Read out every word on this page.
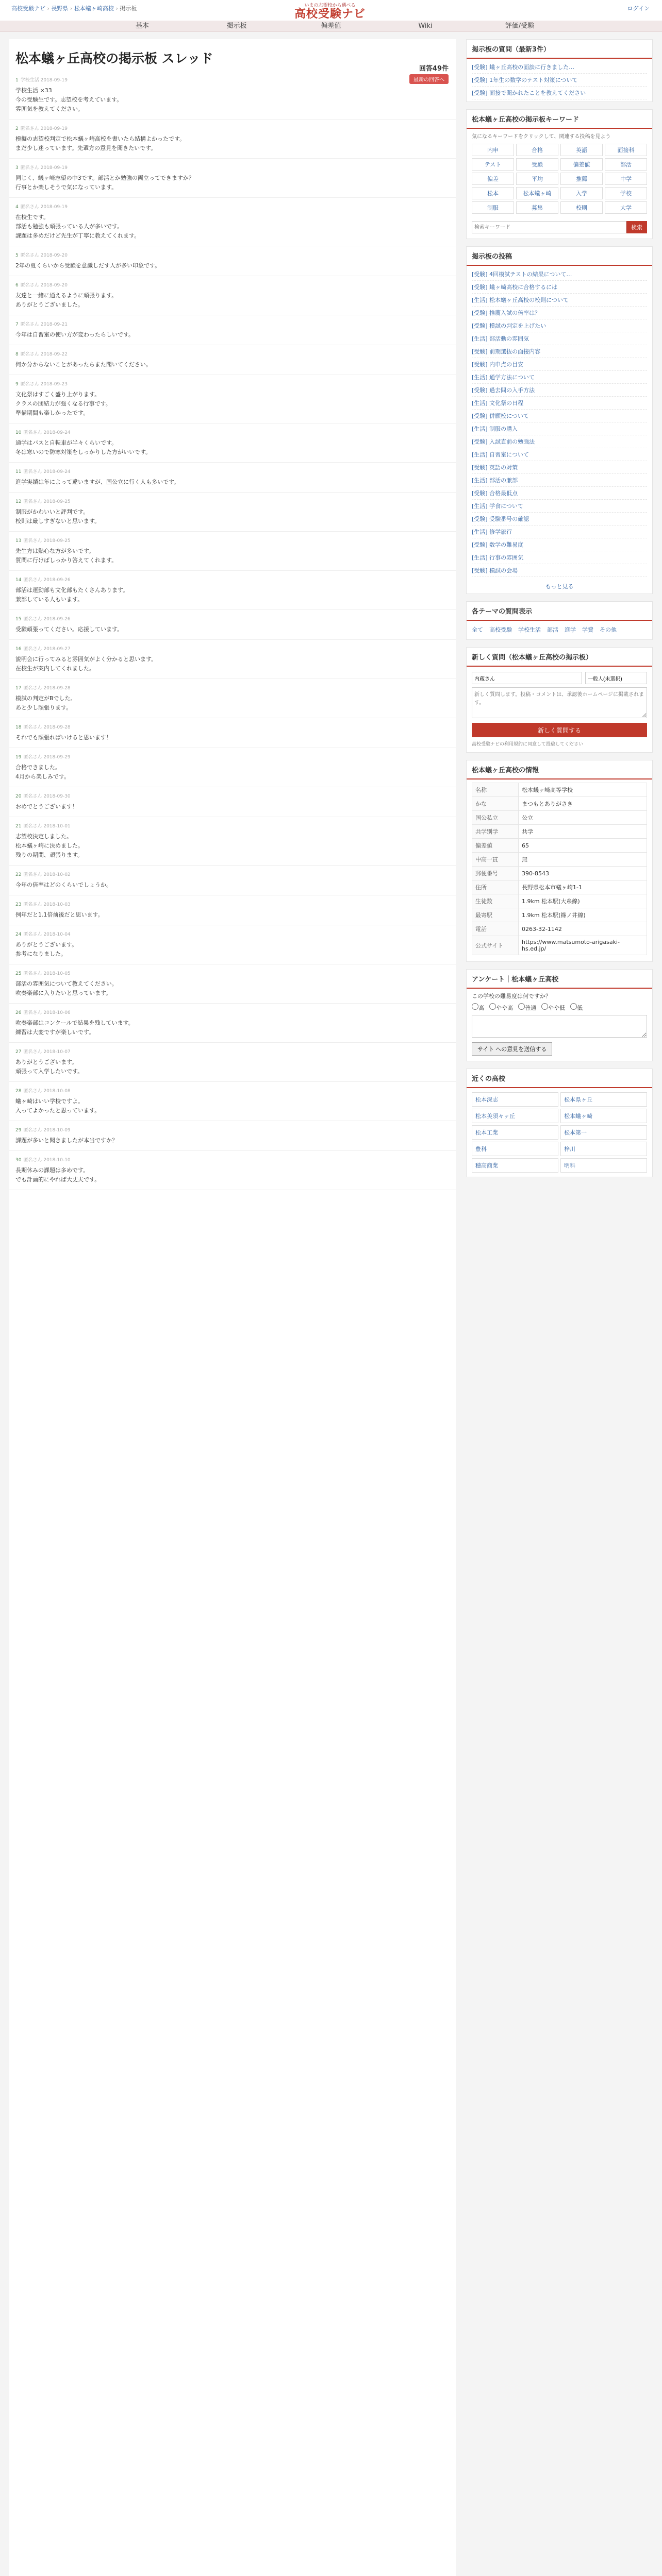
高校受験ナビ › 長野県 › 松本蟻ヶ崎高校 › 掲示板	いまの志望校から選べる
高校受験ナビ	ログイン
基本	掲示板	偏差値	Wiki	評価/受験
松本蟻ヶ丘高校の掲示板 スレッド
回答49件
最新の回答へ
1 学校生活 2018-09-19
学校生活 ×33
今の受験生です。志望校を考えています。
雰囲気を教えてください。
2 匿名さん 2018-09-19
模擬の志望校判定で松本蟻ヶ崎高校を書いたら結構よかったです。
まだ少し迷っています。先輩方の意見を聞きたいです。
3 匿名さん 2018-09-19
同じく、蟻ヶ崎志望の中3です。部活とか勉強の両立ってできますか？
行事とか楽しそうで気になっています。
4 匿名さん 2018-09-19
在校生です。
部活も勉強も頑張っている人が多いです。
課題は多めだけど先生が丁寧に教えてくれます。
5 匿名さん 2018-09-20
2年の夏くらいから受験を意識しだす人が多い印象です。
6 匿名さん 2018-09-20
友達と一緒に通えるように頑張ります。
ありがとうございました。
7 匿名さん 2018-09-21
今年は自習室の使い方が変わったらしいです。
8 匿名さん 2018-09-22
何か分からないことがあったらまた聞いてください。
9 匿名さん 2018-09-23
文化祭はすごく盛り上がります。
クラスの団結力が強くなる行事です。
準備期間も楽しかったです。
10 匿名さん 2018-09-24
通学はバスと自転車が半々くらいです。
冬は寒いので防寒対策をしっかりした方がいいです。
11 匿名さん 2018-09-24
進学実績は年によって違いますが、国公立に行く人も多いです。
12 匿名さん 2018-09-25
制服がかわいいと評判です。
校則は厳しすぎないと思います。
13 匿名さん 2018-09-25
先生方は熱心な方が多いです。
質問に行けばしっかり答えてくれます。
14 匿名さん 2018-09-26
部活は運動部も文化部もたくさんあります。
兼部している人もいます。
15 匿名さん 2018-09-26
受験頑張ってください。応援しています。
16 匿名さん 2018-09-27
説明会に行ってみると雰囲気がよく分かると思います。
在校生が案内してくれました。
17 匿名さん 2018-09-28
模試の判定がBでした。
あと少し頑張ります。
18 匿名さん 2018-09-28
それでも頑張ればいけると思います！
19 匿名さん 2018-09-29
合格できました。
4月から楽しみです。
20 匿名さん 2018-09-30
おめでとうございます！
21 匿名さん 2018-10-01
志望校決定しました。
松本蟻ヶ崎に決めました。
残りの期間、頑張ります。
22 匿名さん 2018-10-02
今年の倍率はどのくらいでしょうか。
23 匿名さん 2018-10-03
例年だと1.1倍前後だと思います。
24 匿名さん 2018-10-04
ありがとうございます。
参考になりました。
25 匿名さん 2018-10-05
部活の雰囲気について教えてください。
吹奏楽部に入りたいと思っています。
26 匿名さん 2018-10-06
吹奏楽部はコンクールで結果を残しています。
練習は大変ですが楽しいです。
27 匿名さん 2018-10-07
ありがとうございます。
頑張って入学したいです。
28 匿名さん 2018-10-08
蟻ヶ崎はいい学校ですよ。
入ってよかったと思っています。
29 匿名さん 2018-10-09
課題が多いと聞きましたが本当ですか？
30 匿名さん 2018-10-10
長期休みの課題は多めです。
でも計画的にやれば大丈夫です。
掲示板の質問（最新3件）
[受験] 蟻ヶ丘高校の面談に行きました…
[受験] 1年生の数学のテスト対策について
[受験] 面接で聞かれたことを教えてください
松本蟻ヶ丘高校の掲示板キーワード
気になるキーワードをクリックして、関連する投稿を見よう
内申	合格	英語	面接科
テスト	受験	偏差値	部活
偏差	平均	推薦	中学
松本	松本蟻ヶ崎	入学	学校
制服	募集	校則	大学
検索キーワード
検索
掲示板の投稿
[受験] 4回模試テストの結果について…
[受験] 蟻ヶ崎高校に合格するには
[生活] 松本蟻ヶ丘高校の校則について
[受験] 推薦入試の倍率は？
[受験] 模試の判定を上げたい
[生活] 部活動の雰囲気
[受験] 前期選抜の面接内容
[受験] 内申点の目安
[生活] 通学方法について
[受験] 過去問の入手方法
[生活] 文化祭の日程
[受験] 併願校について
[生活] 制服の購入
[受験] 入試直前の勉強法
[生活] 自習室について
[受験] 英語の対策
[生活] 部活の兼部
[受験] 合格最低点
[生活] 学食について
[受験] 受験番号の確認
[生活] 修学旅行
[受験] 数学の難易度
[生活] 行事の雰囲気
[受験] 模試の会場
もっと見る
各テーマの質問表示
全て 高校受験 学校生活 部活 進学 学費 その他
新しく質問（松本蟻ヶ丘高校の掲示板）
内蔵さん
一般人(未選択)
新しく質問します。投稿・コメントは、承認後ホームページに掲載されます。 新しく質問する
高校受験ナビの利用規約に同意して投稿してください
松本蟻ヶ丘高校の情報
名称	松本蟻ヶ崎高等学校
かな	まつもとありがさき
国公私立	公立
共学別学	共学
偏差値	65
中高一貫	無
郵便番号	390-8543
住所	長野県松本市蟻ヶ崎1-1
生徒数	1.9km 松本駅(大糸線)
最寄駅	1.9km 松本駅(篠ノ井線)
電話	0263-32-1142
公式サイト	https://www.matsumoto-arigasaki-hs.ed.jp/
アンケート｜松本蟻ヶ丘高校
この学校の難易度は何ですか？
高	やや高	普通	やや低	低
サイト への意見を送信する
近くの高校
松本深志	松本県ヶ丘
松本美須々ヶ丘	松本蟻ヶ崎
松本工業	松本第一
豊科	梓川
穂高商業	明科
